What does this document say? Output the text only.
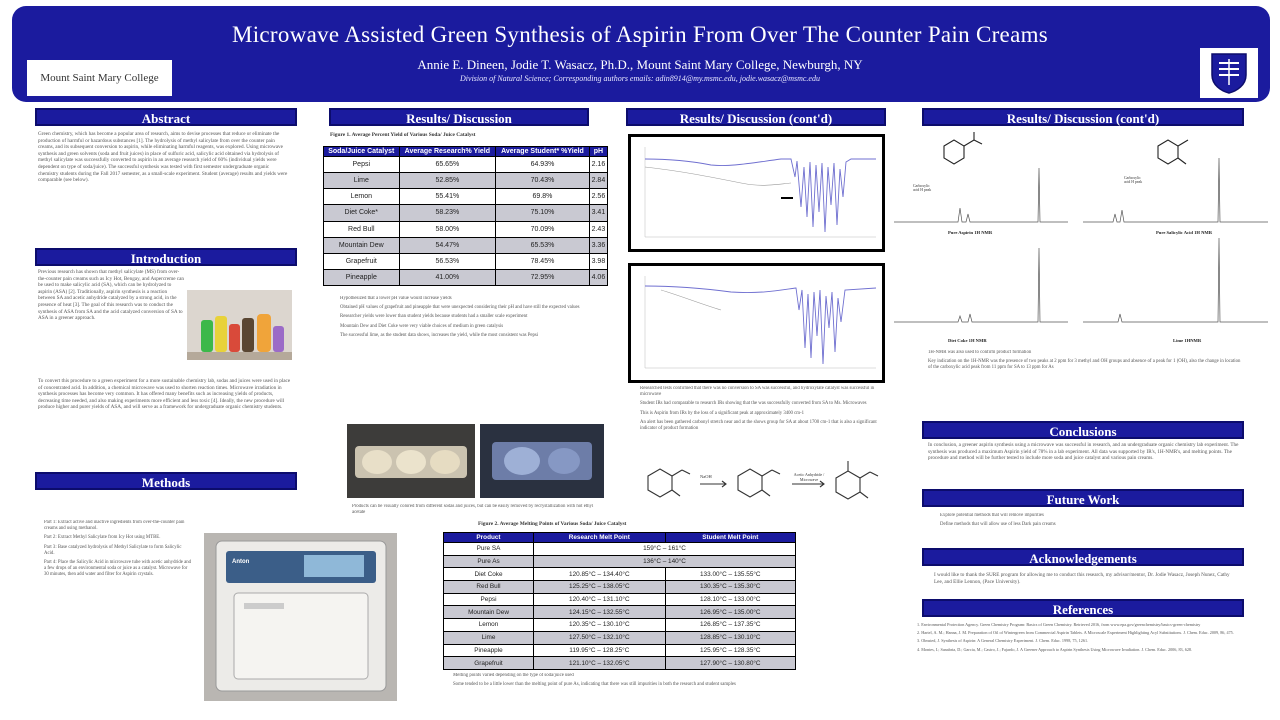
Microwave Assisted Green Synthesis of Aspirin From Over The Counter Pain Creams
Annie E. Dineen, Jodie T. Wasacz, Ph.D., Mount Saint Mary College, Newburgh, NY
Division of Natural Science; Corresponding authors emails: adin8914@my.msmc.edu, jodie.wasacz@msmc.edu
Mount Saint Mary College
Abstract
Green chemistry, which has become a popular area of research, aims to devise processes that reduce or eliminate the production of harmful or hazardous substances [1]. The hydrolysis of methyl salicylate from over the counter pain creams, and its subsequent conversion to aspirin, while eliminating harmful reagents, was explored. Using microwave synthesis and green solvents (soda and fruit juices) in place of sulfuric acid, salicylic acid obtained via hydrolysis of methyl salicylate was successfully converted to aspirin in an average research yield of 60% (individual yields were dependent on type of soda/juice). The successful synthesis was tested with first semester undergraduate organic chemistry students during the Fall 2017 semester, as a small-scale experiment. Student (average) results and yields were comparable (see below).
Introduction
Previous research has shown that methyl salicylate (MS) from over-the-counter pain creams such as Icy Hot, Bengay, and Aspercreme can be used to make salicylic acid (SA), which can be hydrolyzed to aspirin (ASA) [2]. Traditionally, aspirin synthesis is a reaction between SA and acetic anhydride catalyzed by a strong acid, in the presence of heat [3]. The goal of this research was to conduct the synthesis of ASA from SA and the acid catalyzed conversion of SA to ASA in a greener approach.
To convert this procedure to a green experiment for a more sustainable chemistry lab, sodas and juices were used in place of concentrated acid. In addition, a chemical microwave was used to shorten reaction times. Microwave irradiation in synthesis processes has become very common. It has offered many benefits such as increasing yields of products, decreasing time needed, and also making experiments more efficient and less toxic [4]. Ideally, the new procedure will produce higher and purer yields of ASA, and will serve as a framework for undergraduate organic chemistry students.
Methods
Part 1: Extract active and inactive ingredients from over-the-counter pain creams and using methanol.
Part 2: Extract Methyl Salicylate from Icy Hot using MTBE.
Part 3: Base catalyzed hydrolysis of Methyl Salicylate to form Salicylic Acid.
Part 4: Place the Salicylic Acid in microwave tube with acetic anhydride and a few drops of an environmental soda or juice as a catalyst. Microwave for 30 minutes, then add water and filter for Aspirin crystals.
Anton
Results/ Discussion
Figure 1. Average Percent Yield of Various Soda/ Juice Catalyst
Soda/Juice Catalyst	Average Research% Yield	Average Student* %Yield	pH
Pepsi	65.65%	64.93%	2.16
Lime	52.85%	70.43%	2.84
Lemon	55.41%	69.8%	2.56
Diet Coke*	58.23%	75.10%	3.41
Red Bull	58.00%	70.09%	2.43
Mountain Dew	54.47%	65.53%	3.36
Grapefruit	56.53%	78.45%	3.98
Pineapple	41.00%	72.95%	4.06
Hypothesized that a lower pH value would increase yields
Obtained pH values of grapefruit and pineapple that were unexpected considering their pH and have still the expected values
Researcher yields were lower than student yields because students had a smaller scale experiment
Mountain Dew and Diet Coke were very viable choices of medium in green catalysis
The successful lime, as the student data shows, increases the yield, while the most consistent was Pepsi
Products can be visually colored from different sodas and juices, but can be easily removed by recrystallization with hot ethyl acetate
Results/ Discussion (cont'd)
Researched tests confirmed that there was no conversion to SA was successful, and hydroxylate catalyst was successful in microwave
Student IRs had comparable to research IRs showing that the was successfully converted from SA to Ms. Microwaves
This is Aspirin from IRs by the loss of a significant peak at approximately 3400 cm-1
An alert has been gathered carbonyl stretch near and at the shows group for SA at about 1700 cm-1 that is also a significant indicator of product formation
NaOH	Acetic Anhydride / Microwave
Figure 2. Average Melting Points of Various Soda/ Juice Catalyst
Product	Research Melt Point	Student Melt Point
Pure SA	159°C – 161°C	
Pure As	136°C – 140°C	
Diet Coke	120.85°C – 134.40°C	133.00°C – 135.55°C
Red Bull	125.25°C – 138.05°C	130.35°C – 135.30°C
Pepsi	120.40°C – 131.10°C	128.10°C – 133.00°C
Mountain Dew	124.15°C – 132.55°C	126.95°C – 135.00°C
Lemon	120.35°C – 130.10°C	126.85°C – 137.35°C
Lime	127.50°C – 132.10°C	128.85°C – 130.10°C
Pineapple	119.95°C – 128.25°C	125.95°C – 128.35°C
Grapefruit	121.10°C – 132.05°C	127.90°C – 130.80°C
Melting points varied depending on the type of soda/juice used
Some tended to be a little lower than the melting point of pure As, indicating that there was still impurities in both the research and student samples
Results/ Discussion (cont'd)
Carboxylic acid H peak
Carboxylic acid H peak
Pure Aspirin 1H NMR	Pure Salicylic Acid 1H NMR
Diet Coke 1H NMR	Lime 1HNMR
1H-NMR was also used to confirm product formation
Key indication on the 1H-NMR was the presence of two peaks at 2 ppm for 3 methyl and OH groups and absence of a peak for 1 (OH), also the change in location of the carboxylic acid peak from 11 ppm for SA to 13 ppm for As
Conclusions
In conclusion, a greener aspirin synthesis using a microwave was successful in research, and an undergraduate organic chemistry lab experiment. The synthesis was produced a maximum Aspirin yield of 78% in a lab experiment. All data was supported by IR's, 1H-NMR's, and melting points. The procedure and method will be further tested to include more soda and juice catalyst and various pain creams.
Future Work
Explore potential methods that will remove impurities
Define methods that will allow use of less Dark pain creams
Acknowledgements
I would like to thank the SURE program for allowing me to conduct this research, my advisor/mentor, Dr. Jodie Wasacz, Joseph Nunez, Cathy Lee, and Ellie Lennon, (Pace University).
References
1. Environmental Protection Agency. Green Chemistry Program: Basics of Green Chemistry. Retrieved 2016, from www.epa.gov/greenchemistry/basics-green-chemistry
2. Hartel, A. M.; Hanna, J. M. Preparation of Oil of Wintergreen from Commercial Aspirin Tablets. A Microscale Experiment Highlighting Acyl Substitutions. J. Chem. Educ. 2009, 86, 475.
3. Olmsted, J. Synthesis of Aspirin: A General Chemistry Experiment. J. Chem. Educ. 1998, 75, 1261.
4. Montes, I.; Sanabria, D.; Garcia, M.; Castro, J.; Fajardo, J. A Greener Approach to Aspirin Synthesis Using Microwave Irradiation. J. Chem. Educ. 2006, 83, 628.
